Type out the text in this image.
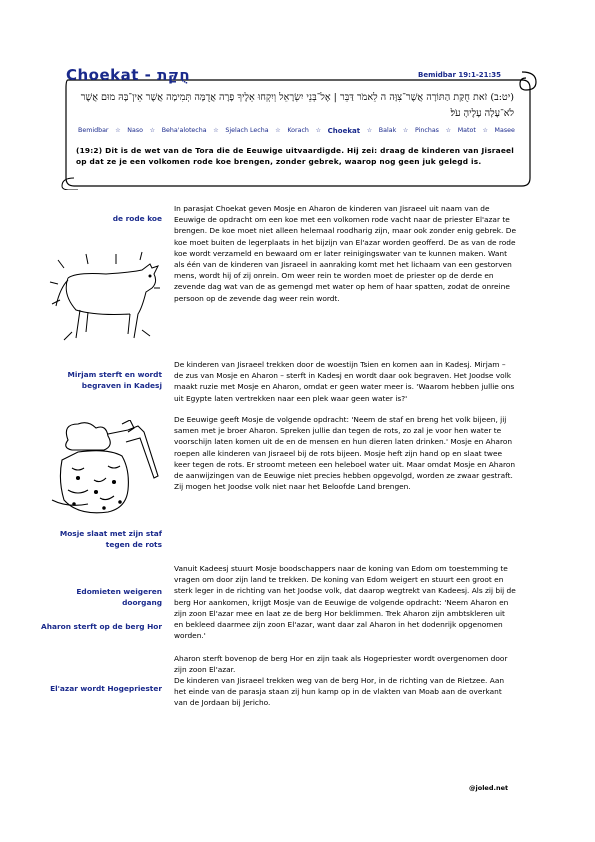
Choekat - חֻקַּת	Bemidbar 19:1-21:35
(יט:ב) זֹאת חֻקַּת הַתּוֹרָה אֲשֶׁר־צִוָּה ה לֵאמֹר דַּבֵּר | אֶל־בְּנֵי יִשְׂרָאֵל וְיִקְחוּ אֵלֶיךָ פָרָה אֲדֻמָּה תְּמִימָה אֲשֶׁר אֵין־בָּהּ מוּם אֲשֶׁר לֹא־עָלָה עָלֶיהָ עֹל׃
Bemidbar ☆ Naso ☆ Beha'alotecha ☆ Sjelach Lecha ☆ Korach ☆ Choekat ☆ Balak ☆ Pinchas ☆ Matot ☆ Masee
(19:2) Dit is de wet van de Tora die de Eeuwige uitvaardigde. Hij zei: draag de kinderen van Jisraeel op dat ze je een volkomen rode koe brengen, zonder gebrek, waarop nog geen juk gelegd is.
de rode koe
Mirjam sterft en wordt begraven in Kadesj
Mosje slaat met zijn staf tegen de rots
Edomieten weigeren doorgang
Aharon sterft op de berg Hor
El'azar wordt Hogepriester
In parasjat Choekat geven Mosje en Aharon de kinderen van Jisraeel uit naam van de Eeuwige de opdracht om een koe met een volkomen rode vacht naar de priester El'azar te brengen. De koe moet niet alleen helemaal roodharig zijn, maar ook zonder enig gebrek. De koe moet buiten de legerplaats in het bijzijn van El'azar worden geofferd. De as van de rode koe wordt verzameld en bewaard om er later reinigingswater van te kunnen maken. Want als één van de kinderen van Jisraeel in aanraking komt met het lichaam van een gestorven mens, wordt hij of zij onrein. Om weer rein te worden moet de priester op de derde en zevende dag wat van de as gemengd met water op hem of haar spatten, zodat de onreine persoon op de zevende dag weer rein wordt.
De kinderen van Jisraeel trekken door de woestijn Tsien en komen aan in Kadesj. Mirjam – de zus van Mosje en Aharon – sterft in Kadesj en wordt daar ook begraven. Het Joodse volk maakt ruzie met Mosje en Aharon, omdat er geen water meer is. 'Waarom hebben jullie ons uit Egypte laten vertrekken naar een plek waar geen water is?'
De Eeuwige geeft Mosje de volgende opdracht: 'Neem de staf en breng het volk bijeen, jij samen met je broer Aharon. Spreken jullie dan tegen de rots, zo zal je voor hen water te voorschijn laten komen uit de en de mensen en hun dieren laten drinken.' Mosje en Aharon roepen alle kinderen van Jisraeel bij de rots bijeen. Mosje heft zijn hand op en slaat twee keer tegen de rots. Er stroomt meteen een heleboel water uit. Maar omdat Mosje en Aharon de aanwijzingen van de Eeuwige niet precies hebben opgevolgd, worden ze zwaar gestraft. Zij mogen het Joodse volk niet naar het Beloofde Land brengen.
Vanuit Kadeesj stuurt Mosje boodschappers naar de koning van Edom om toestemming te vragen om door zijn land te trekken. De koning van Edom weigert en stuurt een groot en sterk leger in de richting van het Joodse volk, dat daarop wegtrekt van Kadeesj. Als zij bij de berg Hor aankomen, krijgt Mosje van de Eeuwige de volgende opdracht: 'Neem Aharon en zijn zoon El'azar mee en laat ze de berg Hor beklimmen. Trek Aharon zijn ambtskleren uit en bekleed daarmee zijn zoon El'azar, want daar zal Aharon in het dodenrijk opgenomen worden.'
Aharon sterft bovenop de berg Hor en zijn taak als Hogepriester wordt overgenomen door zijn zoon El'azar.
De kinderen van Jisraeel trekken weg van de berg Hor, in de richting van de Rietzee. Aan het einde van de parasja staan zij hun kamp op in de vlakten van Moab aan de overkant van de Jordaan bij Jericho.
@joled.net
